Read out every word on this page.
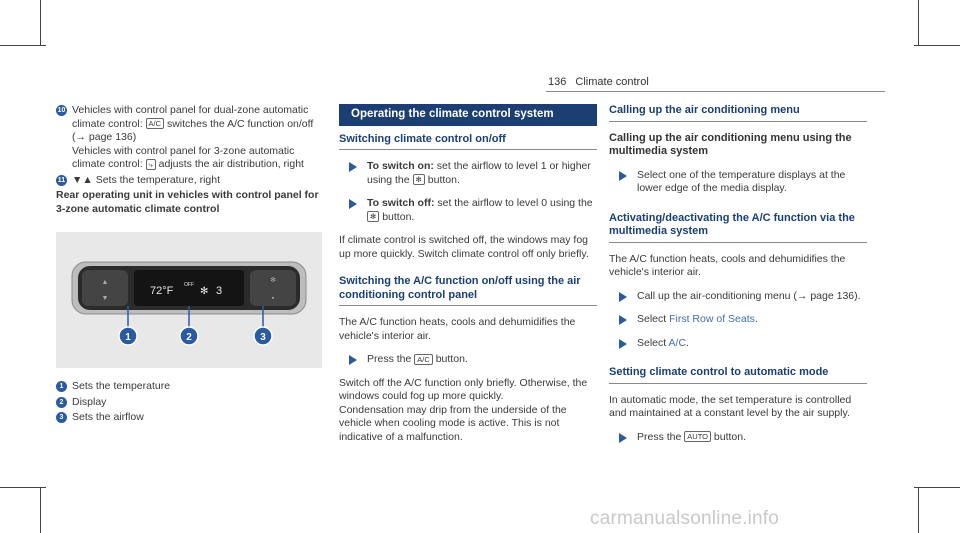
136 Climate control
10 Vehicles with control panel for dual-zone automatic climate control: A/C switches the A/C function on/off (→ page 136)

Vehicles with control panel for 3-zone automatic climate control: ⤷ adjusts the air distribution, right

11 ▼▲ Sets the temperature, right

Rear operating unit in vehicles with control panel for 3-zone automatic climate control

▲
▼
72°F OFF
✻ 3
✻
▪
1	2	3
1 Sets the temperature
2 Display
3 Sets the airflow
Operating the climate control system
Switching climate control on/off

To switch on: set the airflow to level 1 or higher using the ✻ button.

To switch off: set the airflow to level 0 using the ✻ button.

If climate control is switched off, the windows may fog up more quickly. Switch climate control off only briefly.

Switching the A/C function on/off using the air conditioning control panel

The A/C function heats, cools and dehumidifies the vehicle's interior air.

Press the A/C button.

Switch off the A/C function only briefly. Otherwise, the windows could fog up more quickly.

Condensation may drip from the underside of the vehicle when cooling mode is active. This is not indicative of a malfunction.

Calling up the air conditioning menu
Calling up the air conditioning menu using the multimedia system

Select one of the temperature displays at the lower edge of the media display.

Activating/deactivating the A/C function via the multimedia system

The A/C function heats, cools and dehumidifies the vehicle's interior air.

Call up the air-conditioning menu (→ page 136).

Select First Row of Seats.

Select A/C.

Setting climate control to automatic mode

In automatic mode, the set temperature is controlled and maintained at a constant level by the air supply.

Press the AUTO button.

carmanualsonline.info
